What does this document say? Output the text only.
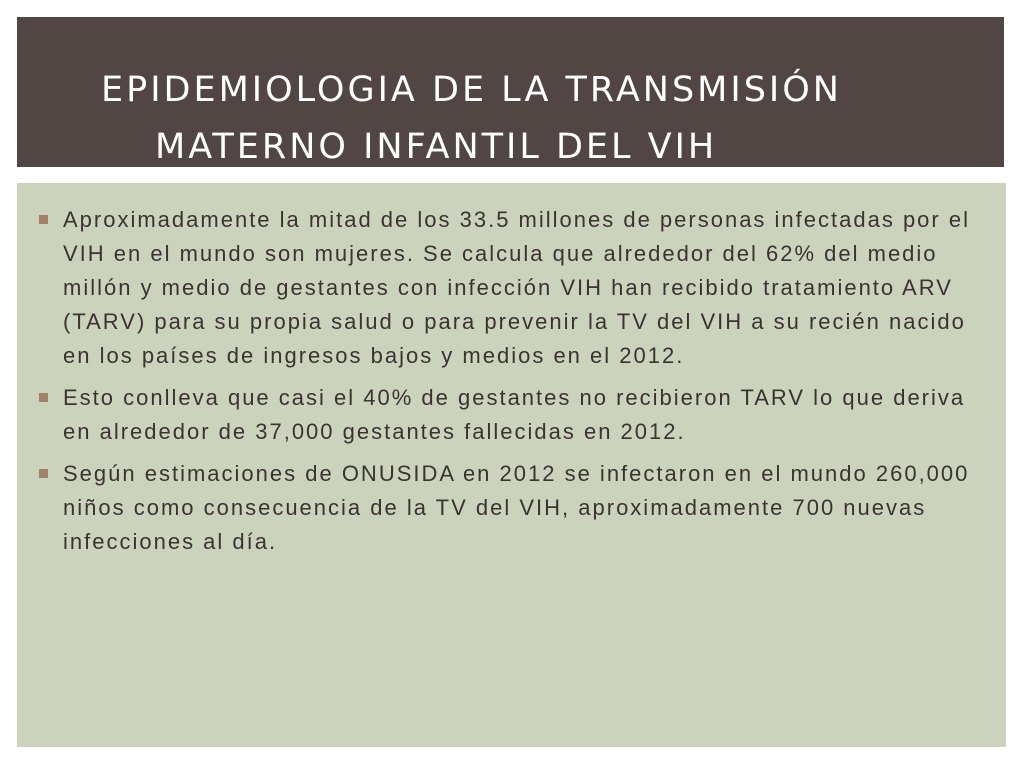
EPIDEMIOLOGIA DE LA TRANSMISIÓN
MATERNO INFANTIL DEL VIH
Aproximadamente la mitad de los 33.5 millones de personas infectadas por el VIH en el mundo son mujeres. Se calcula que alrededor del 62% del medio millón y medio de gestantes con infección VIH han recibido tratamiento ARV (TARV) para su propia salud o para prevenir la TV del VIH a su recién nacido en los países de ingresos bajos y medios en el 2012.
Esto conlleva que casi el 40% de gestantes no recibieron TARV lo que deriva en alrededor de 37,000 gestantes fallecidas en 2012.
Según estimaciones de ONUSIDA en 2012 se infectaron en el mundo 260,000 niños como consecuencia de la TV del VIH, aproximadamente 700 nuevas infecciones al día.
